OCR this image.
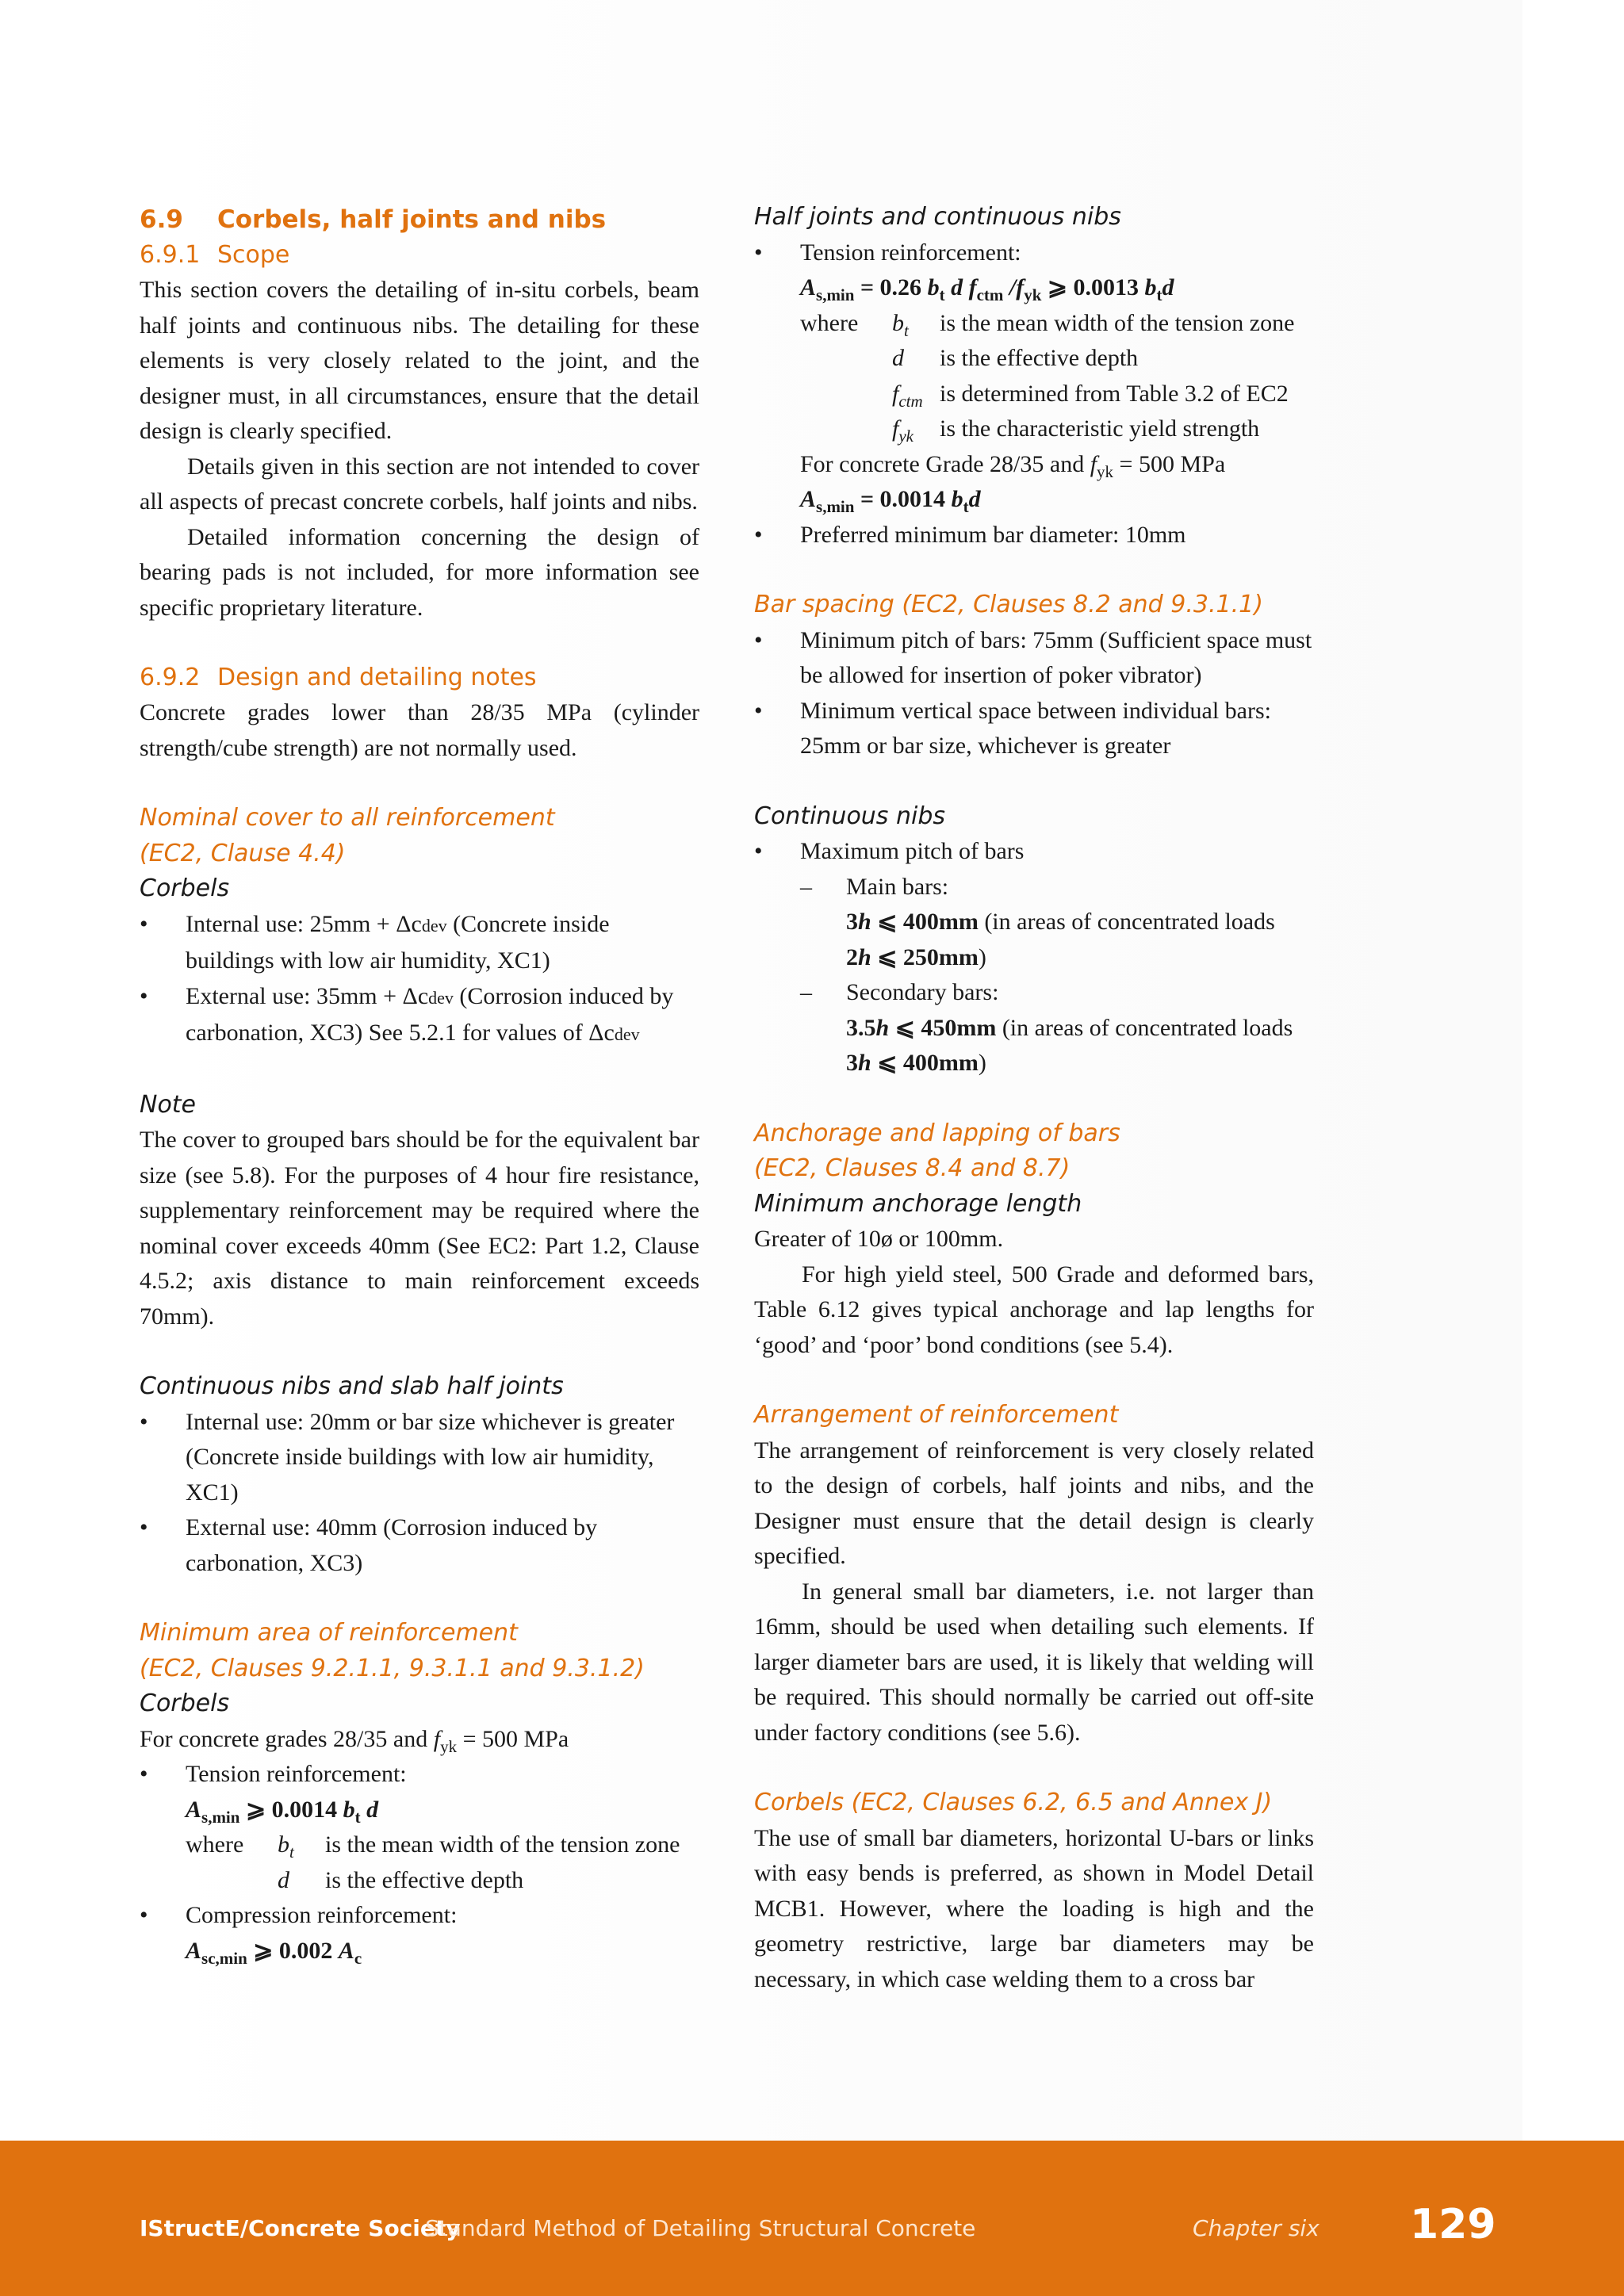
6.9 Corbels, half joints and nibs
6.9.1 Scope

This section covers the detailing of in-situ corbels, beam half joints and continuous nibs. The detailing for these elements is very closely related to the joint, and the designer must, in all circumstances, ensure that the detail design is clearly specified.

Details given in this section are not intended to cover all aspects of precast concrete corbels, half joints and nibs.

Detailed information concerning the design of bearing pads is not included, for more information see specific proprietary literature.

6.9.2 Design and detailing notes

Concrete grades lower than 28/35 MPa (cylinder strength/cube strength) are not normally used.

Nominal cover to all reinforcement
(EC2, Clause 4.4)
Corbels
• Internal use: 25mm + Δcdev (Concrete inside buildings with low air humidity, XC1)
• External use: 35mm + Δcdev (Corrosion induced by carbonation, XC3) See 5.2.1 for values of Δcdev
Note

The cover to grouped bars should be for the equivalent bar size (see 5.8). For the purposes of 4 hour fire resistance, supplementary reinforcement may be required where the nominal cover exceeds 40mm (See EC2: Part 1.2, Clause 4.5.2; axis distance to main reinforcement exceeds 70mm).

Continuous nibs and slab half joints
• Internal use: 20mm or bar size whichever is greater (Concrete inside buildings with low air humidity, XC1)
• External use: 40mm (Corrosion induced by carbonation, XC3)
Minimum area of reinforcement
(EC2, Clauses 9.2.1.1, 9.3.1.1 and 9.3.1.2)
Corbels

For concrete grades 28/35 and $f_{yk} = 500$ MPa

• Tension reinforcement:
$A_{s,min}$ ⩾ 0.0014 $b_t$ d
where	$b_t$	is the mean width of the tension zone
d	is the effective depth
• Compression reinforcement:
$A_{sc,min}$ ⩾ 0.002 $A_c$
Half joints and continuous nibs
• Tension reinforcement:
$A_{s,min} = 0.26$ $b_t$ d $f_{ctm}$ $/f_{yk}$ ⩾ 0.0013 $b_td$
where	$b_t$	is the mean width of the tension zone
d	is the effective depth
$f_{ctm}$ is determined from Table 3.2 of EC2
$f_{yk}$	is the characteristic yield strength

For concrete Grade 28/35 and $f_{yk} = 500$ MPa

$A_{s,min} = 0.0014$ $b_td$
• Preferred minimum bar diameter: 10mm
Bar spacing (EC2, Clauses 8.2 and 9.3.1.1)
• Minimum pitch of bars: 75mm (Sufficient space must be allowed for insertion of poker vibrator)
• Minimum vertical space between individual bars: 25mm or bar size, whichever is greater
Continuous nibs
• Maximum pitch of bars
– Main bars:
3h ⩽ 400mm (in areas of concentrated loads
2h ⩽ 250mm)
– Secondary bars:
3.5h ⩽ 450mm (in areas of concentrated loads 3h ⩽ 400mm)
Anchorage and lapping of bars
(EC2, Clauses 8.4 and 8.7)
Minimum anchorage length

Greater of 10ø or 100mm.

For high yield steel, 500 Grade and deformed bars, Table 6.12 gives typical anchorage and lap lengths for ‘good’ and ‘poor’ bond conditions (see 5.4).

Arrangement of reinforcement

The arrangement of reinforcement is very closely related to the design of corbels, half joints and nibs, and the Designer must ensure that the detail design is clearly specified.

In general small bar diameters, i.e. not larger than 16mm, should be used when detailing such elements. If larger diameter bars are used, it is likely that welding will be required. This should normally be carried out off-site under factory conditions (see 5.6).

Corbels (EC2, Clauses 6.2, 6.5 and Annex J)

The use of small bar diameters, horizontal U-bars or links with easy bends is preferred, as shown in Model Detail MCB1. However, where the loading is high and the geometry restrictive, large bar diameters may be necessary, in which case welding them to a cross bar

IStructE/Concrete Society
Standard Method of Detailing Structural Concrete	Chapter six 129
